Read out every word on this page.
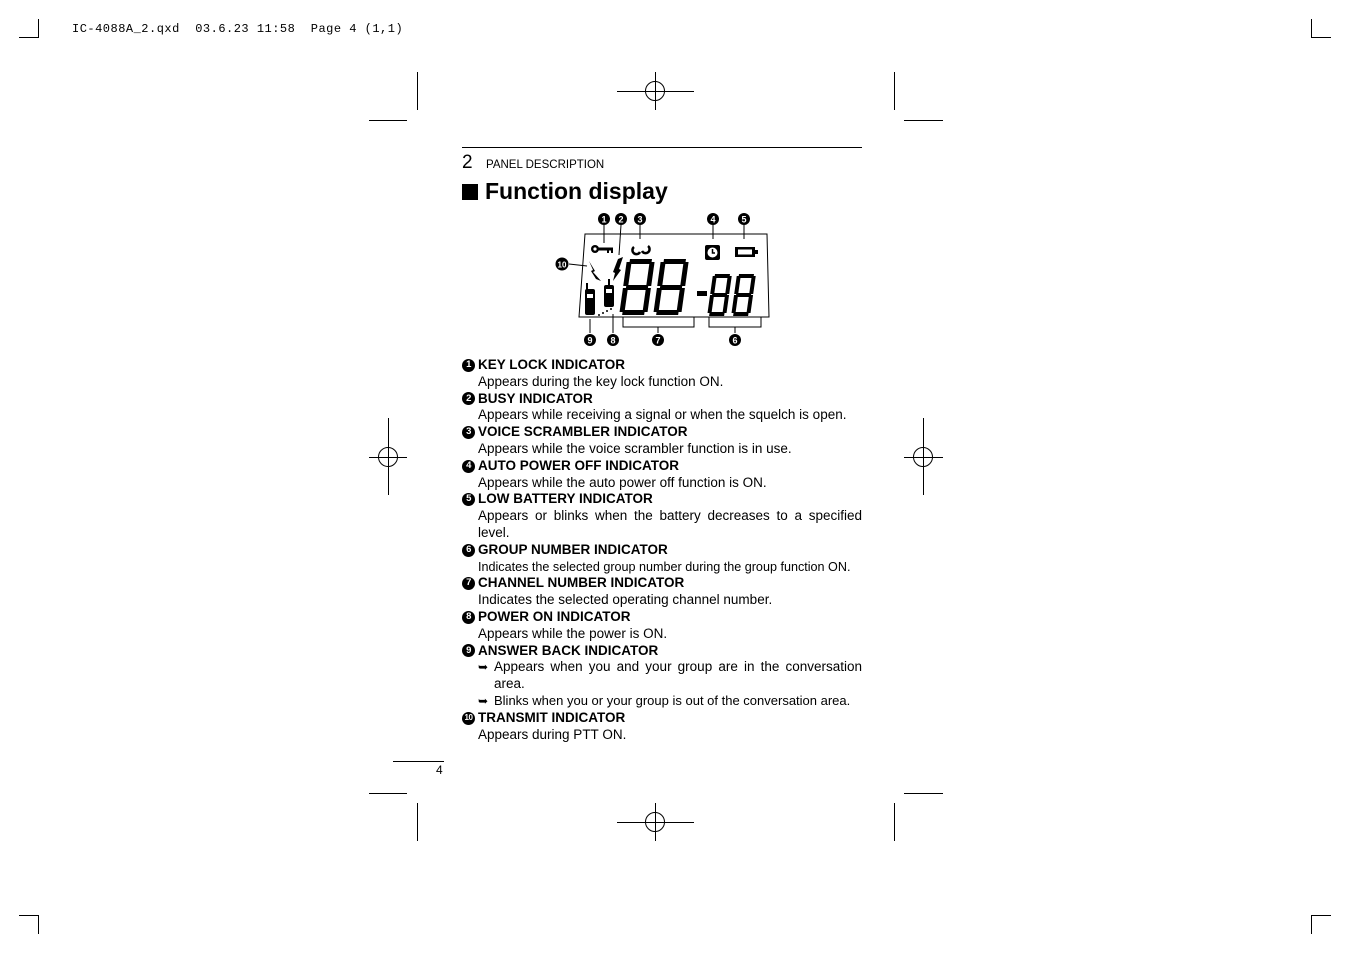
IC-4088A_2.qxd  03.6.23 11:58  Page 4 (1,1)
2 PANEL DESCRIPTION
Function display
1 2 3	4	5
10
9 8	7	6
1 KEY LOCK INDICATOR
Appears during the key lock function ON.
2 BUSY INDICATOR
Appears while receiving a signal or when the squelch is open.
3 VOICE SCRAMBLER INDICATOR
Appears while the voice scrambler function is in use.
4 AUTO POWER OFF INDICATOR
Appears while the auto power off function is ON.
5 LOW BATTERY INDICATOR
Appears or blinks when the battery decreases to a specified level.
6 GROUP NUMBER INDICATOR
Indicates the selected group number during the group function ON.
7 CHANNEL NUMBER INDICATOR
Indicates the selected operating channel number.
8 POWER ON INDICATOR
Appears while the power is ON.
9 ANSWER BACK INDICATOR
➥ Appears when you and your group are in the conversation area.
➥ Blinks when you or your group is out of the conversation area.
10 TRANSMIT INDICATOR
Appears during PTT ON.
4
